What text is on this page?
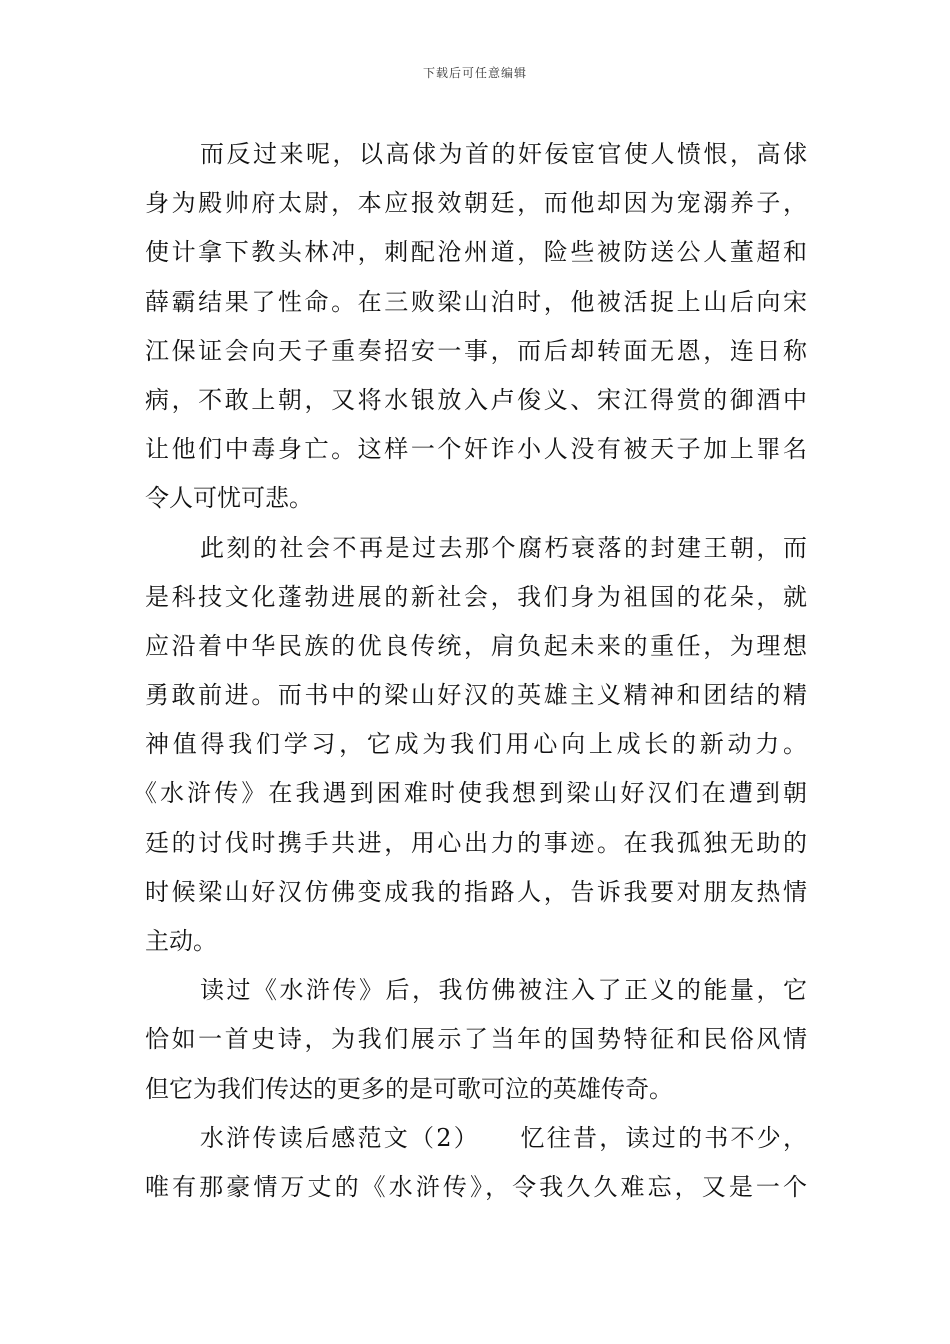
下载后可任意编辑
而反过来呢，以高俅为首的奸佞宦官使人愤恨，高俅
身为殿帅府太尉，本应报效朝廷，而他却因为宠溺养子，
使计拿下教头林冲，刺配沧州道，险些被防送公人董超和
薛霸结果了性命。在三败梁山泊时，他被活捉上山后向宋
江保证会向天子重奏招安一事，而后却转面无恩，连日称
病，不敢上朝，又将水银放入卢俊义、宋江得赏的御酒中
让他们中毒身亡。这样一个奸诈小人没有被天子加上罪名
令人可忧可悲。
此刻的社会不再是过去那个腐朽衰落的封建王朝，而
是科技文化蓬勃进展的新社会，我们身为祖国的花朵，就
应沿着中华民族的优良传统，肩负起未来的重任，为理想
勇敢前进。而书中的梁山好汉的英雄主义精神和团结的精
神值得我们学习，它成为我们用心向上成长的新动力。
《水浒传》在我遇到困难时使我想到梁山好汉们在遭到朝
廷的讨伐时携手共进，用心出力的事迹。在我孤独无助的
时候梁山好汉仿佛变成我的指路人，告诉我要对朋友热情
主动。
读过《水浒传》后，我仿佛被注入了正义的能量，它
恰如一首史诗，为我们展示了当年的国势特征和民俗风情
但它为我们传达的更多的是可歌可泣的英雄传奇。
水浒传读后感范文（2）　　忆往昔，读过的书不少，
唯有那豪情万丈的《水浒传》，令我久久难忘，又是一个
